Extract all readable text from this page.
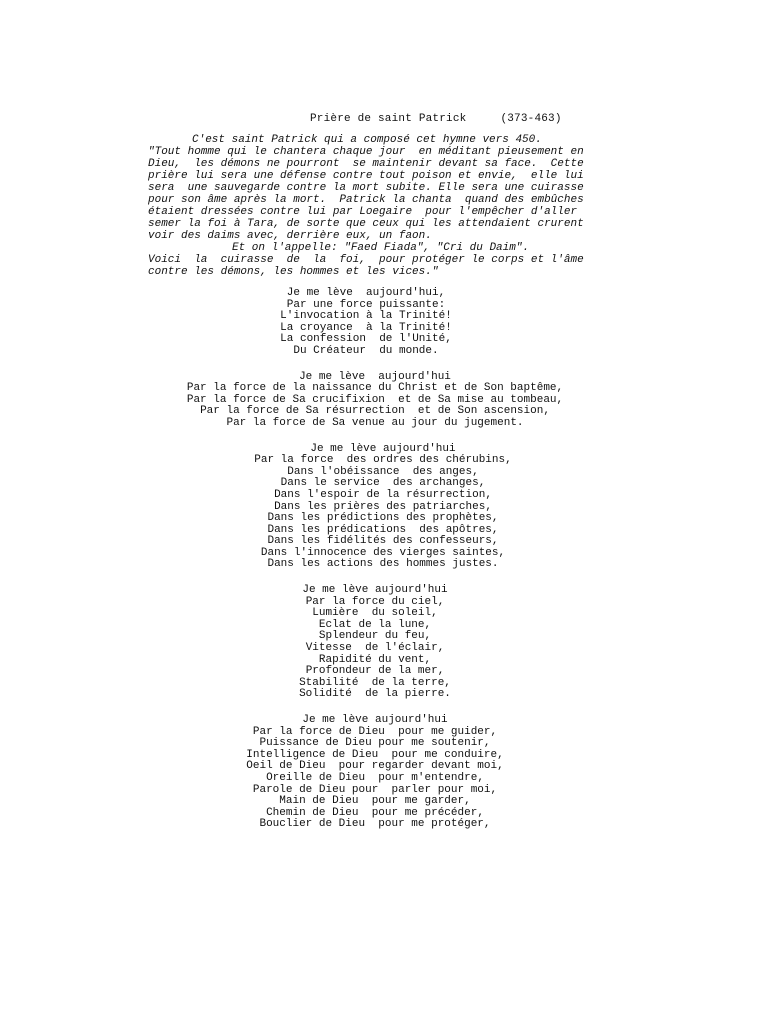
Prière de saint Patrick	(373-463)
C'est saint Patrick qui a composé cet hymne vers 450.
"Tout homme qui le chantera chaque jour  en méditant pieusement en
Dieu,  les démons ne pourront  se maintenir devant sa face.  Cette
prière lui sera une défense contre tout poison et envie,  elle lui
sera  une sauvegarde contre la mort subite. Elle sera une cuirasse
pour son âme après la mort.  Patrick la chanta  quand des embûches
étaient dressées contre lui par Loegaire  pour l'empêcher d'aller
semer la foi à Tara, de sorte que ceux qui les attendaient crurent
voir des daims avec, derrière eux, un faon.
Et on l'appelle: "Faed Fiada", "Cri du Daim".
Voici  la  cuirasse  de  la  foi,  pour protéger le corps et l'âme
contre les démons, les hommes et les vices."
Je me lève  aujourd'hui,
Par une force puissante:
L'invocation à la Trinité!
La croyance  à la Trinité!
La confession  de l'Unité,
Du Créateur  du monde.
Je me lève  aujourd'hui
Par la force de la naissance du Christ et de Son baptême,
Par la force de Sa crucifixion  et de Sa mise au tombeau,
Par la force de Sa résurrection  et de Son ascension,
Par la force de Sa venue au jour du jugement.
Je me lève aujourd'hui
Par la force  des ordres des chérubins,
Dans l'obéissance  des anges,
Dans le service  des archanges,
Dans l'espoir de la résurrection,
Dans les prières des patriarches,
Dans les prédictions des prophètes,
Dans les prédications  des apôtres,
Dans les fidélités des confesseurs,
Dans l'innocence des vierges saintes,
Dans les actions des hommes justes.
Je me lève aujourd'hui
Par la force du ciel,
Lumière  du soleil,
Eclat de la lune,
Splendeur du feu,
Vitesse  de l'éclair,
Rapidité du vent,
Profondeur de la mer,
Stabilité  de la terre,
Solidité  de la pierre.
Je me lève aujourd'hui
Par la force de Dieu  pour me guider,
Puissance de Dieu pour me soutenir,
Intelligence de Dieu  pour me conduire,
Oeil de Dieu  pour regarder devant moi,
Oreille de Dieu  pour m'entendre,
Parole de Dieu pour  parler pour moi,
Main de Dieu  pour me garder,
Chemin de Dieu  pour me précéder,
Bouclier de Dieu  pour me protéger,
